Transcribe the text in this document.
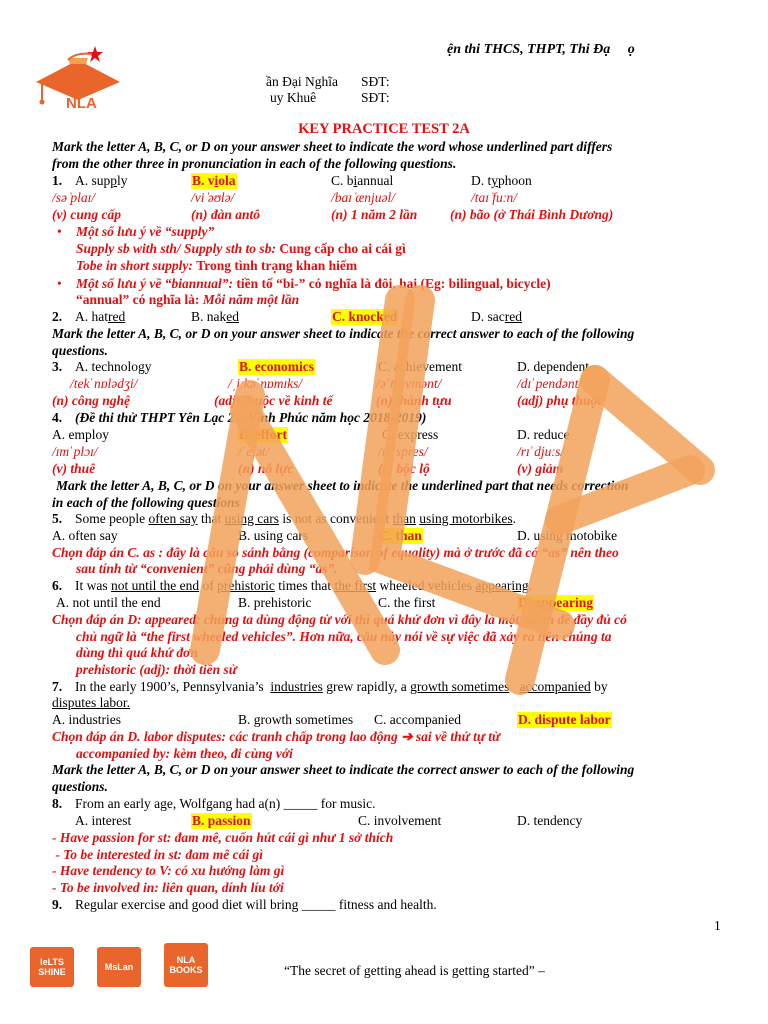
NLA
ện thi THCS, THPT, Thi Đạ     ọ
ần Đại Nghĩa SĐT:
uy Khuê	SĐT:
KEY PRACTICE TEST 2A
Mark the letter A, B, C, or D on your answer sheet to indicate the word whose underlined part differs
from the other three in pronunciation in each of the following questions.
1. A. supply	B. viola	C. biannual	D. typhoon
/sə ̍plaɪ/	/vi ̍əʊlə/	/baɪ ̍ænjuəl/	/taɪ ̍fuːn/
(v) cung cấp	(n) đàn antô	(n) 1 năm 2 lần (n) bão (ở Thái Bình Dương)
• Một số lưu ý về “supply”
Supply sb with sth/ Supply sth to sb: Cung cấp cho ai cái gì
Tobe in short supply: Trong tình trạng khan hiếm
• Một số lưu ý về “biannual”: tiền tố “bi-” có nghĩa là đôi, hai (Eg: bilingual, bicycle)
“annual” có nghĩa là: Mỗi năm một lần
2. A. hatred	B. naked	C. knocked	D. sacred
Mark the letter A, B, C, or D on your answer sheet to indicate the correct answer to each of the following
questions.
3. A. technology	B. economics	C. achievement	D. dependent
/tekˈnɒlədʒi/	/ˌiːkəˈnɒmɪks/	/əˈtʃiːvmənt/	/dɪˈpendənt/
(n) công nghệ	(adj) thuộc về kinh tế	(n) thành tựu	(adj) phụ thuộc
4. (Đề thi thử THPT Yên Lạc 2 – Vĩnh Phúc năm học 2018-2019)
A. employ	B. effort	C. express	D. reduce
/ɪmˈplɔɪ/	/ˈefət/	/ɪkˈspres/	/rɪˈdjuːs/
(v) thuê	(n) nỗ lực	(v) bộc lộ	(v) giảm
Mark the letter A, B, C, or D on your answer sheet to indicate the underlined part that needs correction
in each of the following questions
5. Some people often say that using cars is not as convenient than using motorbikes.
A. often say	B. using cars	C. than	D. using motobike
Chọn đáp án C. as : đây là câu so sánh bằng (comparison of equality) mà ở trước đã có “as” nên theo
sau tính từ “convenient” cũng phải dùng “as”.
6. It was not until the end of prehistoric times that the first wheeled vehicles appearing.
A. not until the end	B. prehistoric	C. the first	D. appearing
Chọn đáp án D: appeared: chúng ta dùng động từ với thì quá khứ đơn vì đây là một mệnh đề đầy đủ có
chủ ngữ là “the first wheeled vehicles”. Hơn nữa, câu này nói về sự việc đã xảy ra nên chúng ta
dùng thì quá khứ đơn
prehistoric (adj): thời tiền sử
7. In the early 1900’s, Pennsylvania’s  industries grew rapidly, a growth sometimes accompanied by
disputes labor.
A. industries	B. growth sometimes C. accompanied	D. dispute labor
Chọn đáp án D. labor disputes: các tranh chấp trong lao động ➔ sai về thứ tự từ
accompanied by: kèm theo, đi cùng với
Mark the letter A, B, C, or D on your answer sheet to indicate the correct answer to each of the following
questions.
8. From an early age, Wolfgang had a(n) _____ for music.
A. interest	B. passion	C. involvement	D. tendency
- Have passion for st: đam mê, cuốn hút cái gì như 1 sở thích
- To be interested in st: đam mê cái gì
- Have tendency to V: có xu hướng làm gì
- To be involved in: liên quan, dính líu tới
9. Regular exercise and good diet will bring _____ fitness and health.
1
IeLTS SHINE	MsLan
NLA BOOKS	“The secret of getting ahead is getting started” –
